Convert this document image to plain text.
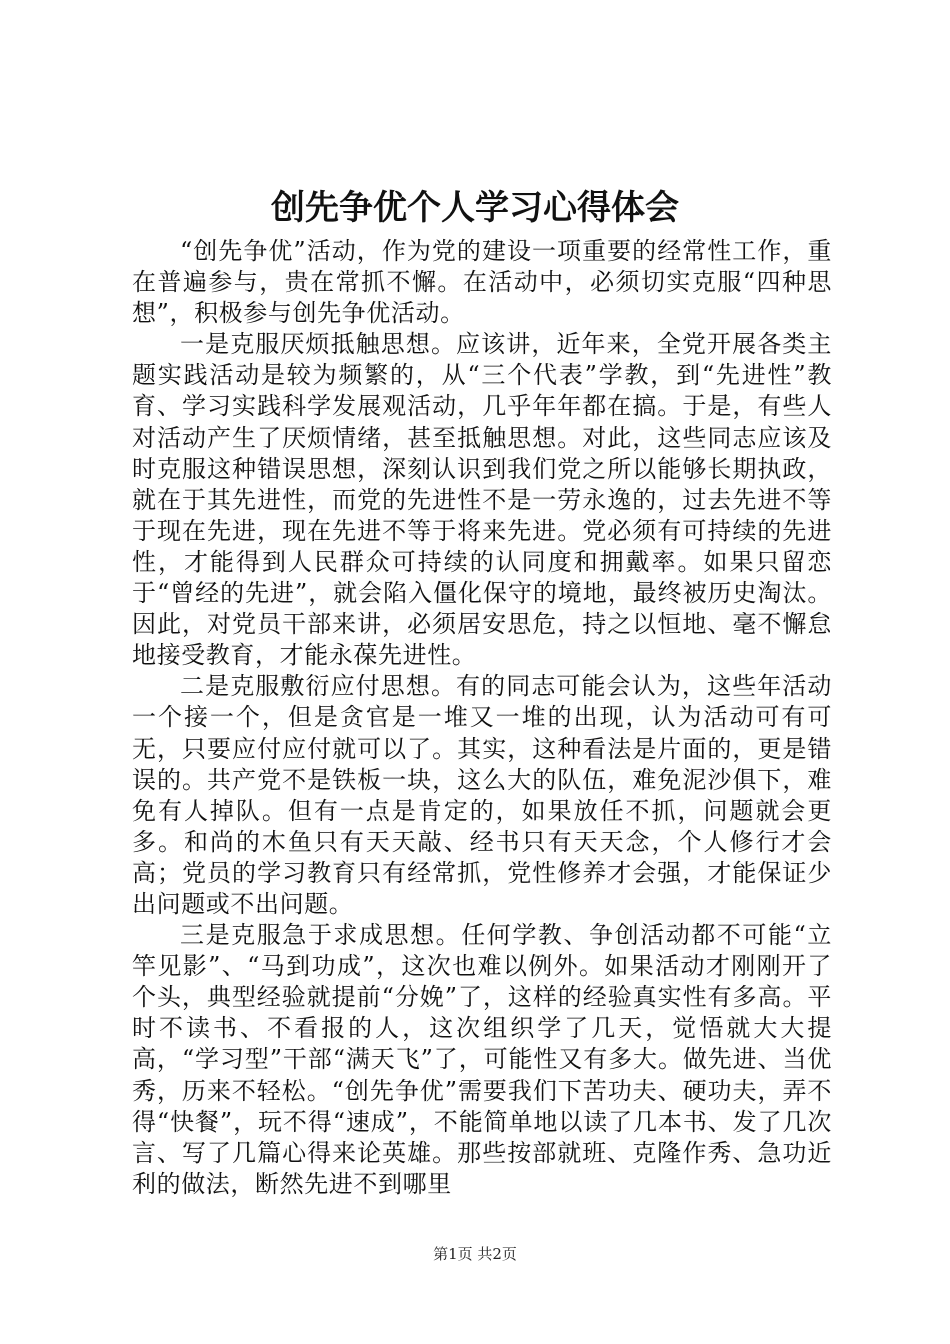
创先争优个人学习心得体会

“创先争优”活动，作为党的建设一项重要的经常性工作，重在普遍参与，贵在常抓不懈。在活动中，必须切实克服“四种思想”，积极参与创先争优活动。

一是克服厌烦抵触思想。应该讲，近年来，全党开展各类主题实践活动是较为频繁的，从“三个代表”学教，到“先进性”教育、学习实践科学发展观活动，几乎年年都在搞。于是，有些人对活动产生了厌烦情绪，甚至抵触思想。对此，这些同志应该及时克服这种错误思想，深刻认识到我们党之所以能够长期执政，就在于其先进性，而党的先进性不是一劳永逸的，过去先进不等于现在先进，现在先进不等于将来先进。党必须有可持续的先进性，才能得到人民群众可持续的认同度和拥戴率。如果只留恋于“曾经的先进”，就会陷入僵化保守的境地，最终被历史淘汰。因此，对党员干部来讲，必须居安思危，持之以恒地、毫不懈怠地接受教育，才能永葆先进性。

二是克服敷衍应付思想。有的同志可能会认为，这些年活动一个接一个，但是贪官是一堆又一堆的出现，认为活动可有可无，只要应付应付就可以了。其实，这种看法是片面的，更是错误的。共产党不是铁板一块，这么大的队伍，难免泥沙俱下，难免有人掉队。但有一点是肯定的，如果放任不抓，问题就会更多。和尚的木鱼只有天天敲、经书只有天天念，个人修行才会高；党员的学习教育只有经常抓，党性修养才会强，才能保证少出问题或不出问题。

三是克服急于求成思想。任何学教、争创活动都不可能“立竿见影”、“马到功成”，这次也难以例外。如果活动才刚刚开了个头，典型经验就提前“分娩”了，这样的经验真实性有多高。平时不读书、不看报的人，这次组织学了几天，觉悟就大大提高，“学习型”干部“满天飞”了，可能性又有多大。做先进、当优秀，历来不轻松。“创先争优”需要我们下苦功夫、硬功夫，弄不得“快餐”，玩不得“速成”，不能简单地以读了几本书、发了几次言、写了几篇心得来论英雄。那些按部就班、克隆作秀、急功近利的做法，断然先进不到哪里

第1页 共2页
